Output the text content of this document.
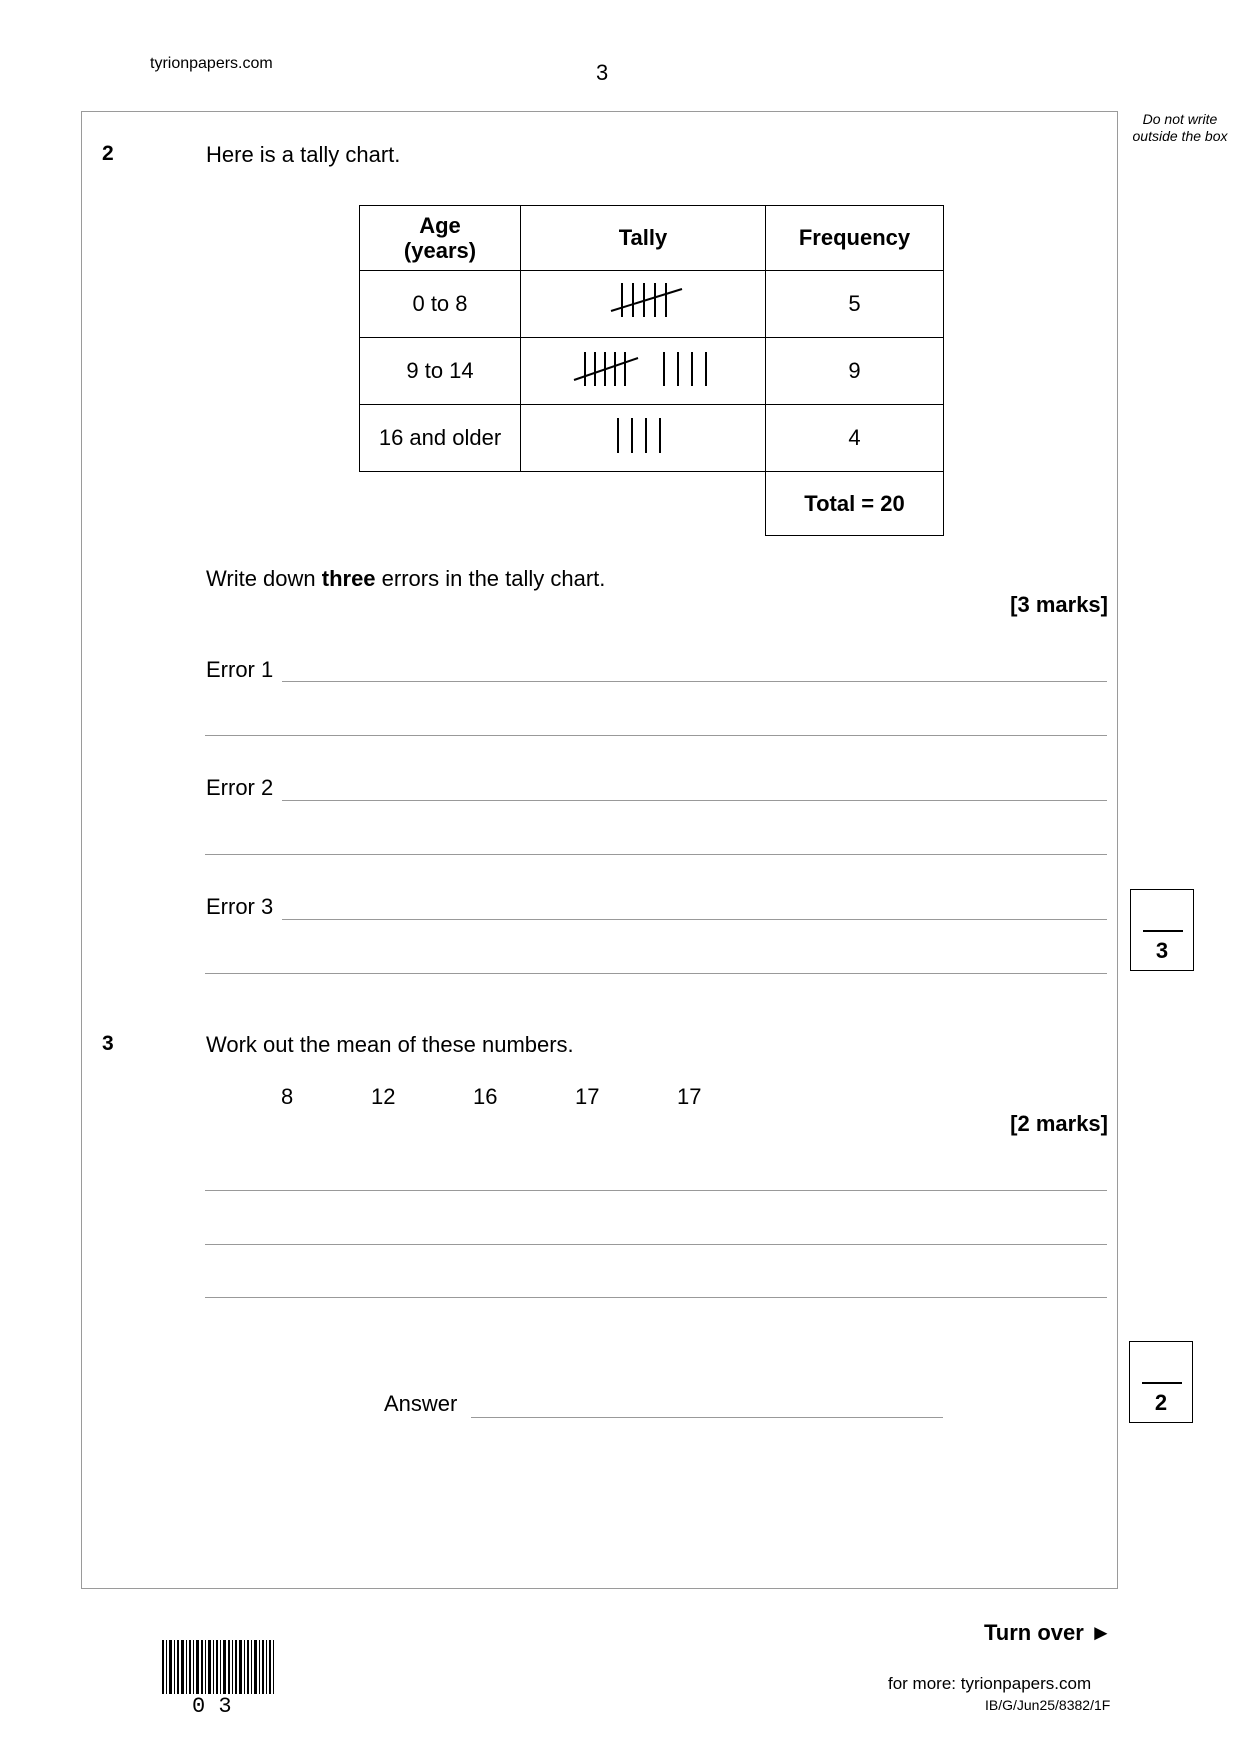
tyrionpapers.com	3
Do not write outside the box
2	Here is a tally chart.
Age (years)	Tally	Frequency
0 to 8		5
9 to 14		9
16 and older		4
		Total = 20
Write down three errors in the tally chart.
[3 marks]
Error 1
Error 2
Error 3
3
3	Work out the mean of these numbers.
8	12	16	17	17
[2 marks]
Answer	2
Turn over ►
for more: tyrionpapers.com
IB/G/Jun25/8382/1F
0 3
